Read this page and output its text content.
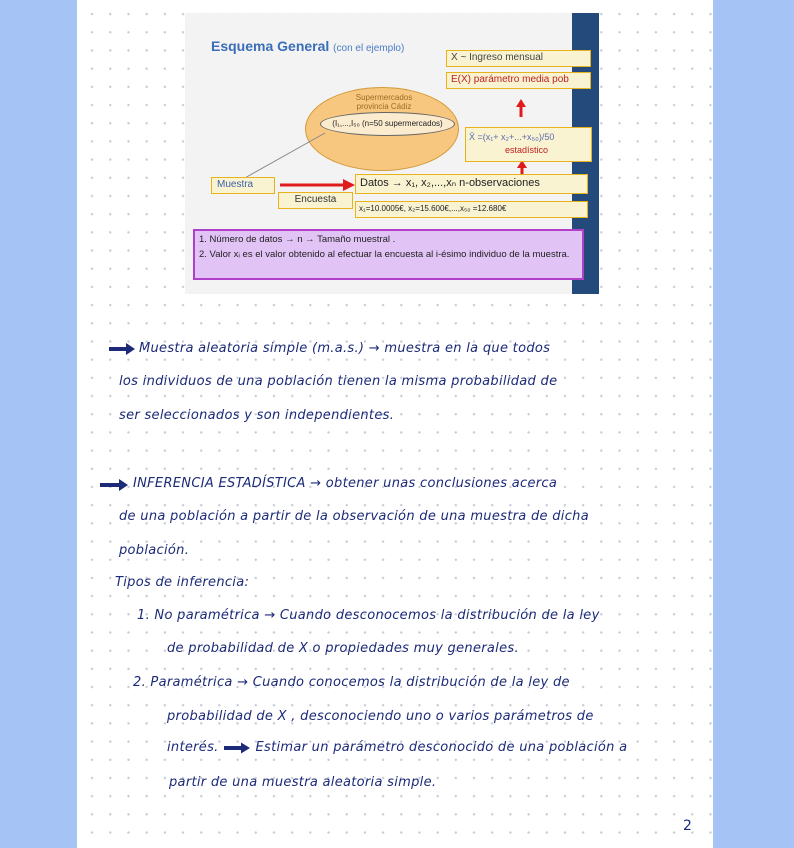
Esquema General (con el ejemplo)
X ~ Ingreso mensual
E(X) parámetro media pob
X̄ =(x₁+ x₂+...+x₅₀)/50
estadístico
Supermercados
provincia Cádiz
(I₁,...,I₅₀ (n=50 supermercados)
Muestra
Encuesta
Datos → x₁, x₂,...,xₙ n-observaciones
x₁=10.0005€, x₂=15.600€,...,x₅₀ =12.680€
1. Número de datos → n → Tamaño muestral .
2. Valor xᵢ es el valor obtenido al efectuar la encuesta al i-ésimo individuo de la muestra.
Muestra aleatoria simple (m.a.s.) → muestra en la que todos
los individuos de una población tienen la misma probabilidad de
ser seleccionados y son independientes.
INFERENCIA ESTADÍSTICA → obtener unas conclusiones acerca
de una población a partir de la observación de una muestra de dicha
población.
Tipos de inferencia:
1. No paramétrica → Cuando desconocemos la distribución de la ley
de probabilidad de X o propiedades muy generales.
2. Paramétrica → Cuando conocemos la distribución de la ley de
probabilidad de X , desconociendo uno o varios parámetros de
interés.	Estimar un parámetro desconocido de una población a
partir de una muestra aleatoria simple.
2
